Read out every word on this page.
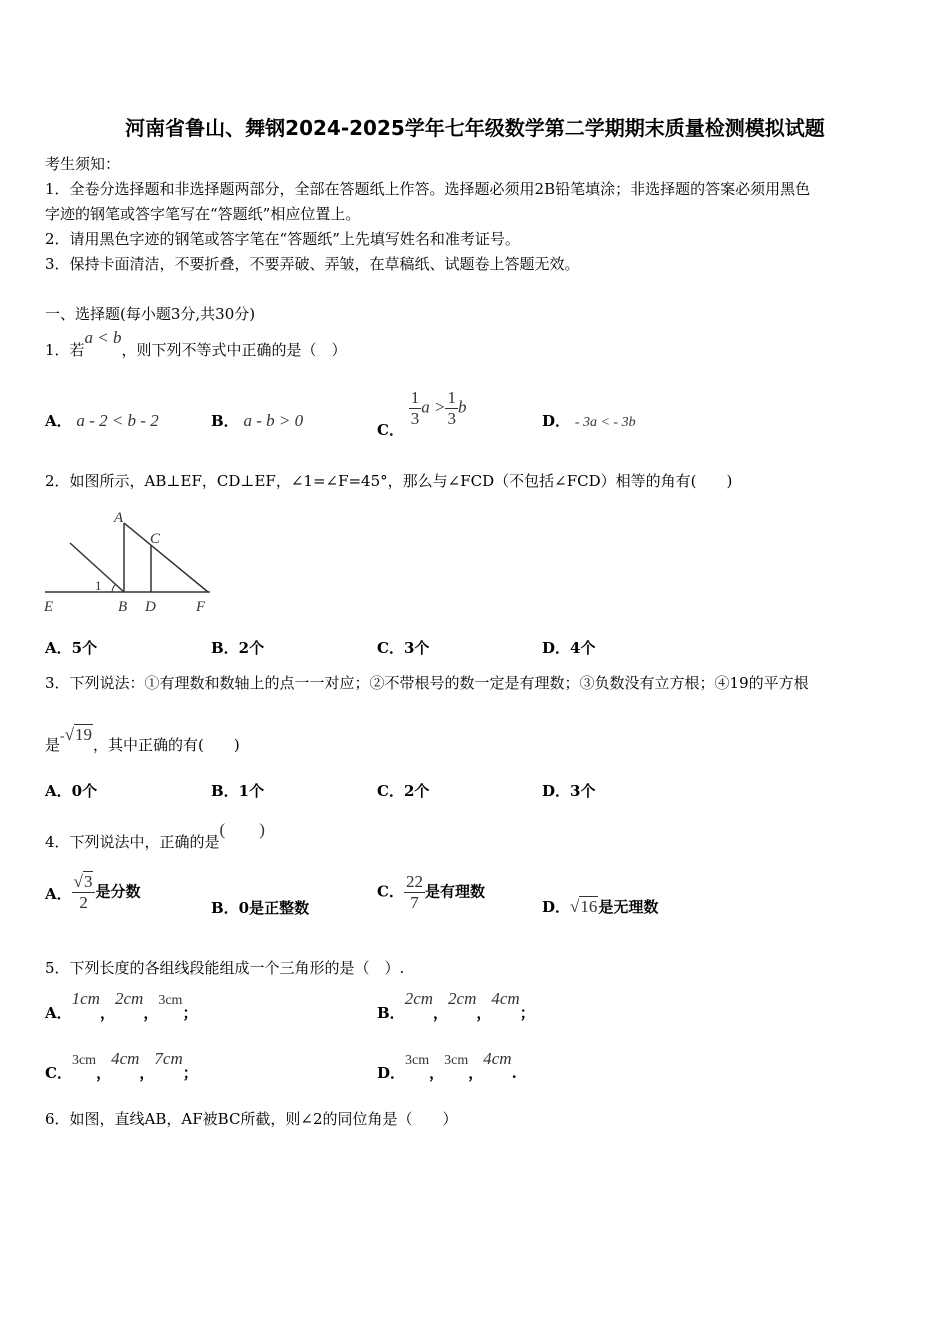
河南省鲁山、舞钢2024-2025学年七年级数学第二学期期末质量检测模拟试题
考生须知：
1．全卷分选择题和非选择题两部分，全部在答题纸上作答。选择题必须用2B铅笔填涂；非选择题的答案必须用黑色
字迹的钢笔或答字笔写在“答题纸”相应位置上。
2．请用黑色字迹的钢笔或答字笔在“答题纸”上先填写姓名和准考证号。
3．保持卡面清洁，不要折叠，不要弄破、弄皱，在草稿纸、试题卷上答题无效。
一、选择题(每小题3分,共30分)
1．若a < b，则下列不等式中正确的是（　）
A． a - 2 < b - 2	B． a - b > 0	C．
$\frac{1}{3}$ $a > \frac{1}{3}$ b
D． - 3a < - 3b
2．如图所示，AB⊥EF，CD⊥EF，∠1=∠F=45°，那么与∠FCD（不包括∠FCD）相等的角有(　　)
A
C
E	B D	F
1
A．5个	B．2个	C．3个	D．4个
3．下列说法：①有理数和数轴上的点一一对应；②不带根号的数一定是有理数；③负数没有立方根；④19的平方根
是-√19，其中正确的有(　　)
A．0个	B．1个	C．2个	D．3个
4．下列说法中，正确的是(　　)
A． $\frac{√3}{2}$ 是分数
B．0是正整数
C． $\frac{22}{7}$ 是有理数
D．√16是无理数
5．下列长度的各组线段能组成一个三角形的是（　）.
A．1cm，2cm，3cm；	B．2cm，2cm，4cm；
C．3cm，4cm，7cm；	D．3cm，3cm，4cm.
6．如图，直线AB，AF被BC所截，则∠2的同位角是（　　）
